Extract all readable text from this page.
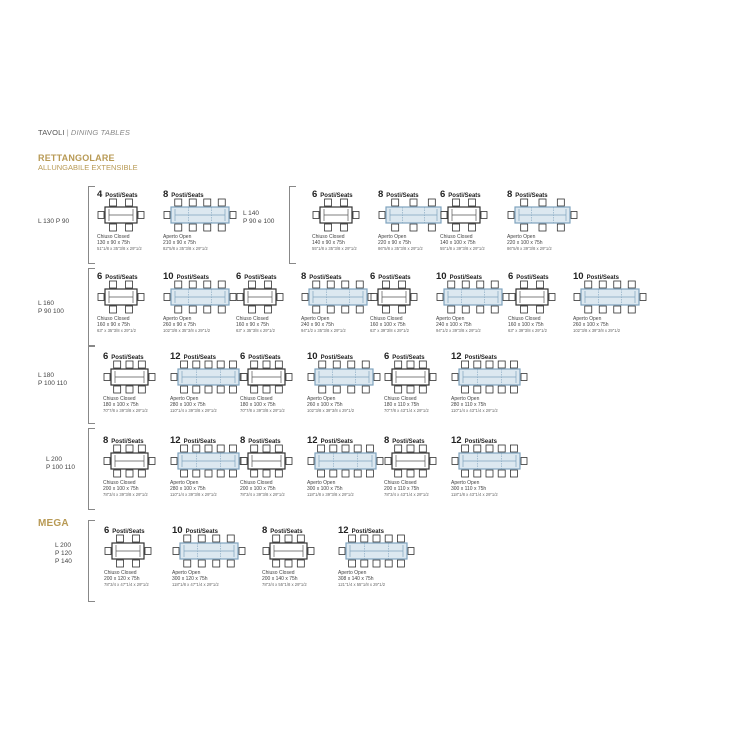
TAVOLI | DINING TABLES
RETTANGOLARE
ALLUNGABILE EXTENSIBLE
L 130 P 90
L 140
P 90 e 100
L 160
P 90 100
L 180
P 100 110
L 200
P 100 110
MEGA
L 200
P 120
P 140
4 Posti/Seats
Chiuso Closed
130 x 90 x 75h
51"1/8 x 35"3/8 x 29"1/2
8 Posti/Seats
Aperto Open
210 x 90 x 75h
82"5/8 x 35"3/8 x 29"1/2
6 Posti/Seats
Chiuso Closed
140 x 90 x 75h
55"1/8 x 35"3/8 x 29"1/2
8 Posti/Seats
Aperto Open
220 x 90 x 75h
86"5/8 x 35"3/8 x 29"1/2
6 Posti/Seats
Chiuso Closed
140 x 100 x 75h
55"1/8 x 39"3/8 x 29"1/2
8 Posti/Seats
Aperto Open
220 x 100 x 75h
86"5/8 x 39"3/8 x 29"1/2
6 Posti/Seats
Chiuso Closed
160 x 90 x 75h
63" x 35"3/8 x 29"1/2
10 Posti/Seats
Aperto Open
260 x 90 x 75h
102"3/8 x 35"3/8 x 29"1/2
6 Posti/Seats
Chiuso Closed
160 x 90 x 75h
63" x 35"3/8 x 29"1/2
8 Posti/Seats
Aperto Open
240 x 90 x 75h
94"1/2 x 35"3/8 x 29"1/2
6 Posti/Seats
Chiuso Closed
160 x 100 x 75h
63" x 39"3/8 x 29"1/2
10 Posti/Seats
Aperto Open
240 x 100 x 75h
94"1/2 x 39"3/8 x 29"1/2
6 Posti/Seats
Chiuso Closed
160 x 100 x 75h
63" x 39"3/8 x 29"1/2
10 Posti/Seats
Aperto Open
260 x 100 x 75h
102"3/8 x 39"3/8 x 29"1/2
6 Posti/Seats
Chiuso Closed
180 x 100 x 75h
70"7/8 x 39"3/8 x 29"1/2
12 Posti/Seats
Aperto Open
280 x 100 x 75h
110"1/4 x 39"3/8 x 29"1/2
6 Posti/Seats
Chiuso Closed
180 x 100 x 75h
70"7/8 x 39"3/8 x 29"1/2
10 Posti/Seats
Aperto Open
260 x 100 x 75h
102"3/8 x 39"3/8 x 29"1/2
6 Posti/Seats
Chiuso Closed
180 x 110 x 75h
70"7/8 x 43"1/4 x 29"1/2
12 Posti/Seats
Aperto Open
280 x 110 x 75h
110"1/4 x 43"1/4 x 29"1/2
8 Posti/Seats
Chiuso Closed
200 x 100 x 75h
78"3/4 x 39"3/8 x 29"1/2
12 Posti/Seats
Aperto Open
280 x 100 x 75h
110"1/4 x 39"3/8 x 29"1/2
8 Posti/Seats
Chiuso Closed
200 x 100 x 75h
78"3/4 x 39"3/8 x 29"1/2
12 Posti/Seats
Aperto Open
300 x 100 x 75h
118"1/8 x 39"3/8 x 29"1/2
8 Posti/Seats
Chiuso Closed
200 x 110 x 75h
78"3/4 x 43"1/4 x 29"1/2
12 Posti/Seats
Aperto Open
300 x 110 x 75h
118"1/8 x 43"1/4 x 29"1/2
6 Posti/Seats
Chiuso Closed
200 x 120 x 75h
78"3/4 x 47"1/4 x 29"1/2
10 Posti/Seats
Aperto Open
300 x 120 x 75h
118"1/8 x 47"1/4 x 29"1/2
8 Posti/Seats
Chiuso Closed
200 x 140 x 75h
78"3/4 x 55"1/8 x 29"1/2
12 Posti/Seats
Aperto Open
308 x 140 x 75h
121"1/4 x 55"1/8 x 29"1/2
